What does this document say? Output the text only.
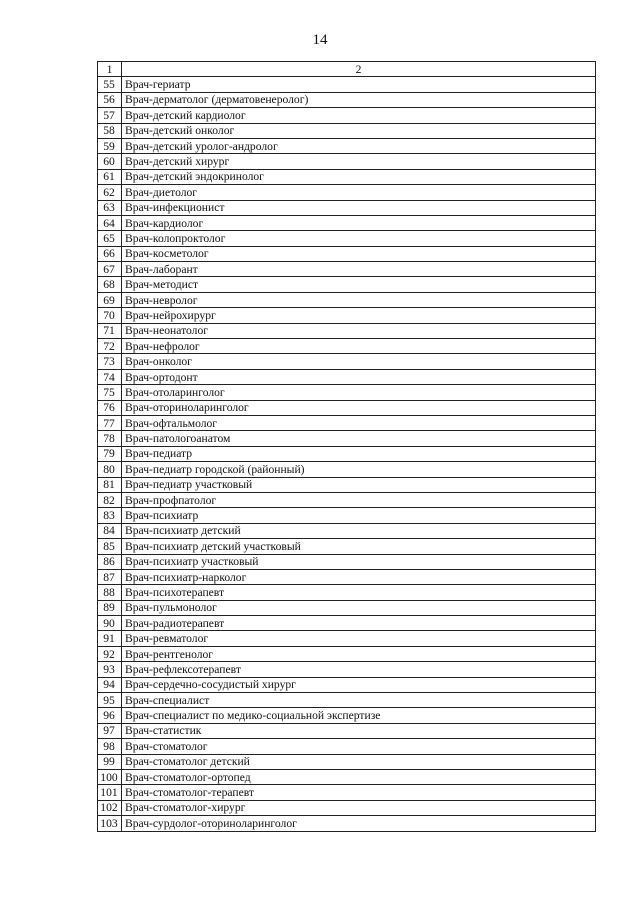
14
1	2
55	Врач-гериатр
56	Врач-дерматолог (дерматовенеролог)
57	Врач-детский кардиолог
58	Врач-детский онколог
59	Врач-детский уролог-андролог
60	Врач-детский хирург
61	Врач-детский эндокринолог
62	Врач-диетолог
63	Врач-инфекционист
64	Врач-кардиолог
65	Врач-колопроктолог
66	Врач-косметолог
67	Врач-лаборант
68	Врач-методист
69	Врач-невролог
70	Врач-нейрохирург
71	Врач-неонатолог
72	Врач-нефролог
73	Врач-онколог
74	Врач-ортодонт
75	Врач-отоларинголог
76	Врач-оториноларинголог
77	Врач-офтальмолог
78	Врач-патологоанатом
79	Врач-педиатр
80	Врач-педиатр городской (районный)
81	Врач-педиатр участковый
82	Врач-профпатолог
83	Врач-психиатр
84	Врач-психиатр детский
85	Врач-психиатр детский участковый
86	Врач-психиатр участковый
87	Врач-психиатр-нарколог
88	Врач-психотерапевт
89	Врач-пульмонолог
90	Врач-радиотерапевт
91	Врач-ревматолог
92	Врач-рентгенолог
93	Врач-рефлексотерапевт
94	Врач-сердечно-сосудистый хирург
95	Врач-специалист
96	Врач-специалист по медико-социальной экспертизе
97	Врач-статистик
98	Врач-стоматолог
99	Врач-стоматолог детский
100	Врач-стоматолог-ортопед
101	Врач-стоматолог-терапевт
102	Врач-стоматолог-хирург
103	Врач-сурдолог-оториноларинголог
